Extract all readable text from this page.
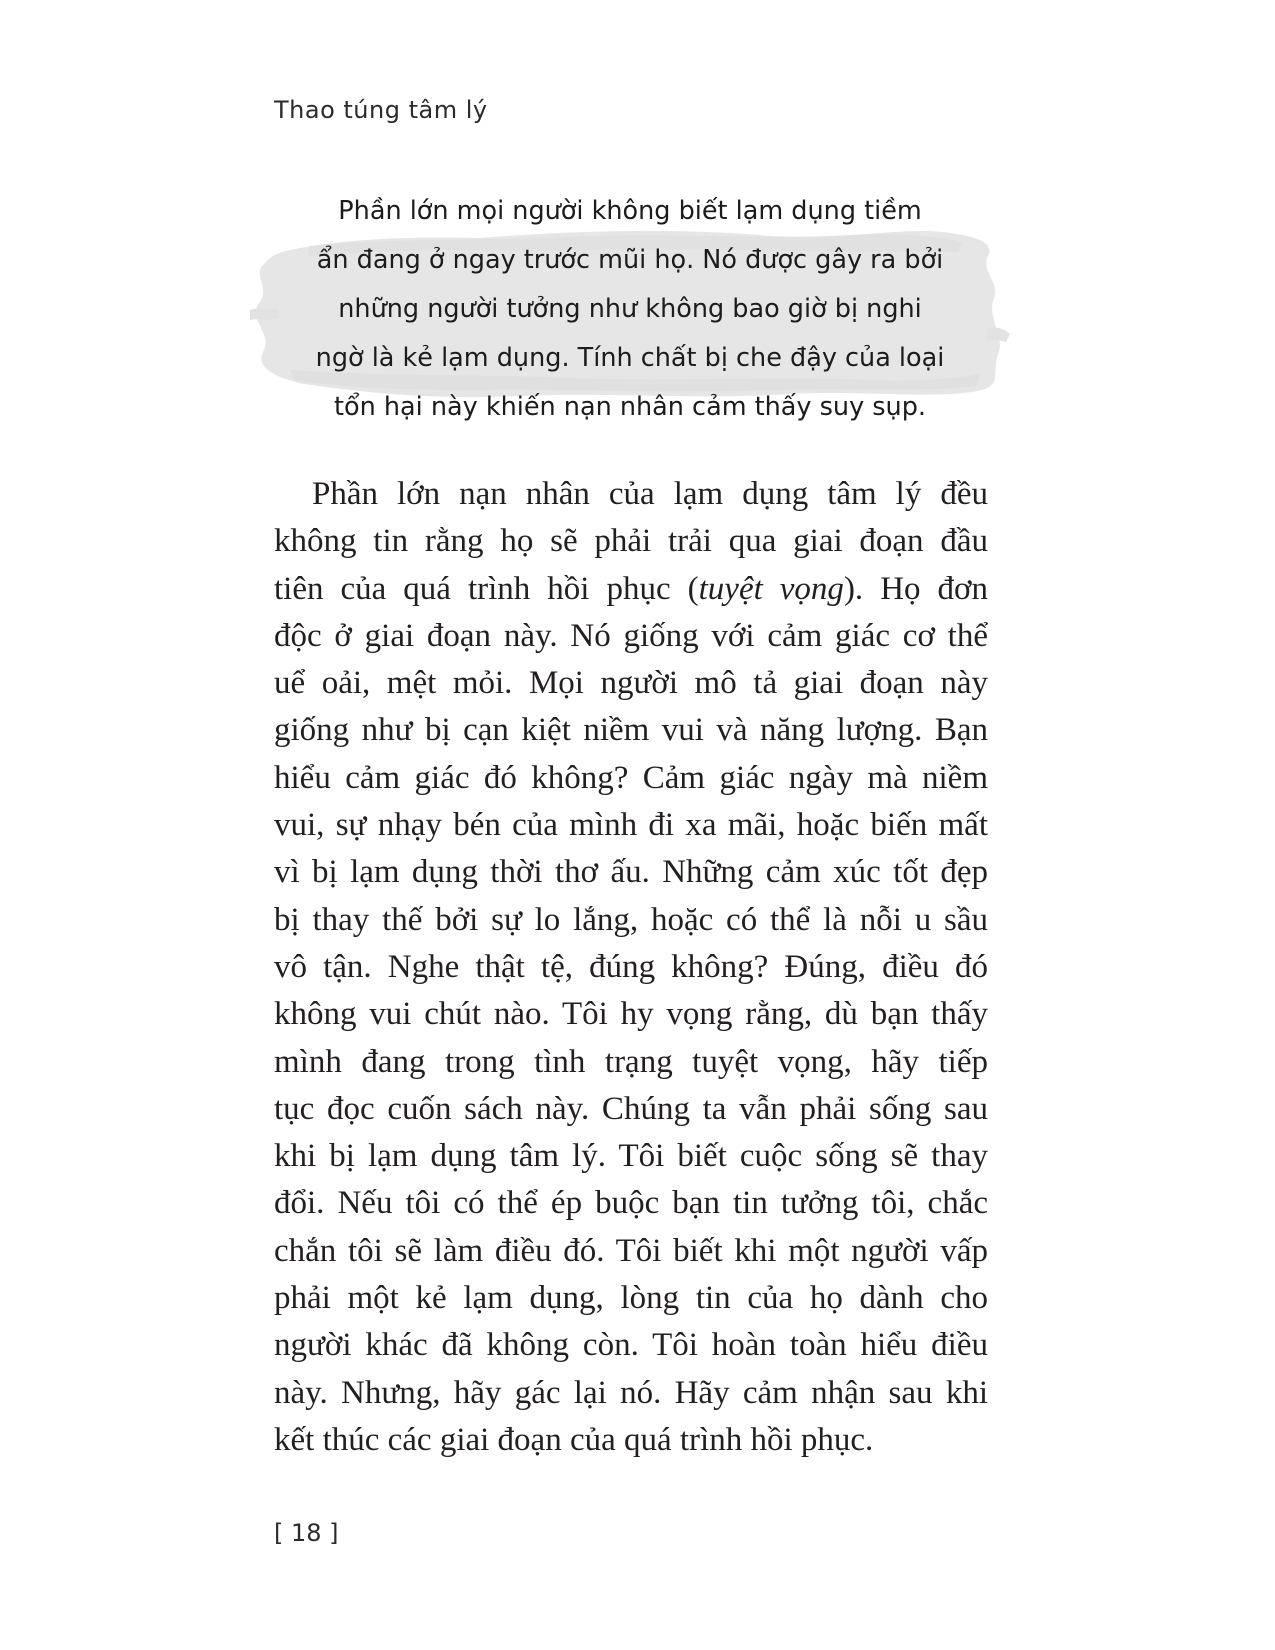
Thao túng tâm lý

Phần lớn mọi người không biết lạm dụng tiềm
ẩn đang ở ngay trước mũi họ. Nó được gây ra bởi
những người tưởng như không bao giờ bị nghi
ngờ là kẻ lạm dụng. Tính chất bị che đậy của loại
tổn hại này khiến nạn nhân cảm thấy suy sụp.

Phần lớn nạn nhân của lạm dụng tâm lý đều
không tin rằng họ sẽ phải trải qua giai đoạn đầu
tiên của quá trình hồi phục (tuyệt vọng). Họ đơn
độc ở giai đoạn này. Nó giống với cảm giác cơ thể
uể oải, mệt mỏi. Mọi người mô tả giai đoạn này
giống như bị cạn kiệt niềm vui và năng lượng. Bạn
hiểu cảm giác đó không? Cảm giác ngày mà niềm
vui, sự nhạy bén của mình đi xa mãi, hoặc biến mất
vì bị lạm dụng thời thơ ấu. Những cảm xúc tốt đẹp
bị thay thế bởi sự lo lắng, hoặc có thể là nỗi u sầu
vô tận. Nghe thật tệ, đúng không? Đúng, điều đó
không vui chút nào. Tôi hy vọng rằng, dù bạn thấy
mình đang trong tình trạng tuyệt vọng, hãy tiếp
tục đọc cuốn sách này. Chúng ta vẫn phải sống sau
khi bị lạm dụng tâm lý. Tôi biết cuộc sống sẽ thay
đổi. Nếu tôi có thể ép buộc bạn tin tưởng tôi, chắc
chắn tôi sẽ làm điều đó. Tôi biết khi một người vấp
phải một kẻ lạm dụng, lòng tin của họ dành cho
người khác đã không còn. Tôi hoàn toàn hiểu điều
này. Nhưng, hãy gác lại nó. Hãy cảm nhận sau khi
kết thúc các giai đoạn của quá trình hồi phục.
[ 18 ]
